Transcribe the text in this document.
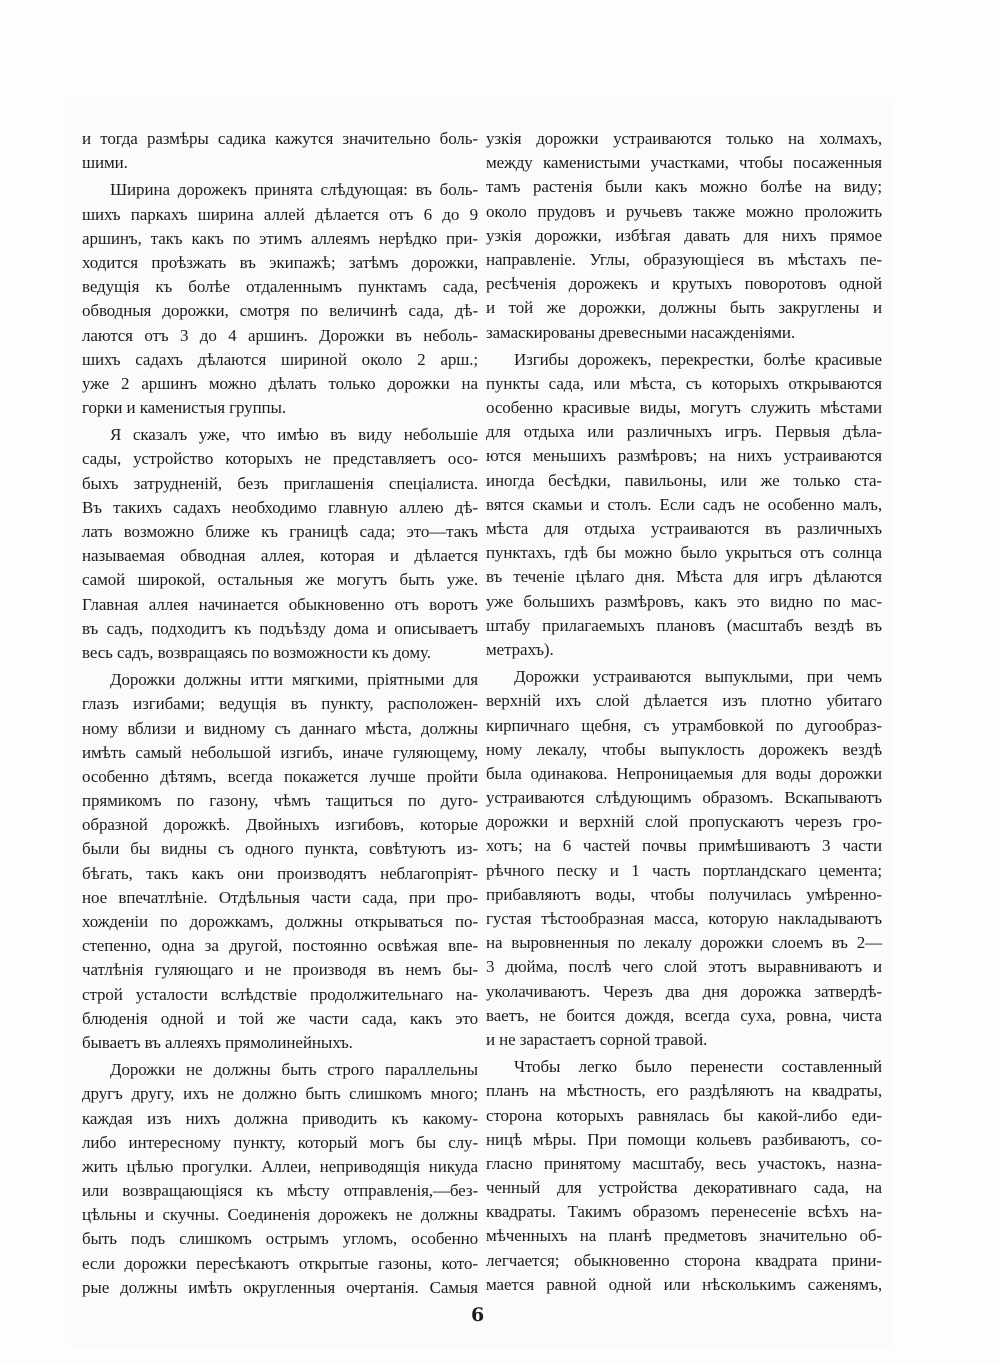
и тогда размѣры садика кажутся значительно боль-
шими.
Ширина дорожекъ принята слѣдующая: въ боль-
шихъ паркахъ ширина аллей дѣлается отъ 6 до 9
аршинъ, такъ какъ по этимъ аллеямъ нерѣдко при-
ходится проѣзжать въ экипажѣ; затѣмъ дорожки,
ведущія къ болѣе отдаленнымъ пунктамъ сада,
обводныя дорожки, смотря по величинѣ сада, дѣ-
лаются отъ 3 до 4 аршинъ. Дорожки въ неболь-
шихъ садахъ дѣлаются шириной около 2 арш.;
уже 2 аршинъ можно дѣлать только дорожки на
горки и каменистыя группы.
Я сказалъ уже, что имѣю въ виду небольшіе
сады, устройство которыхъ не представляетъ осо-
быхъ затрудненій, безъ приглашенія спеціалиста.
Въ такихъ садахъ необходимо главную аллею дѣ-
лать возможно ближе къ границѣ сада; это—такъ
называемая обводная аллея, которая и дѣлается
самой широкой, остальныя же могутъ быть уже.
Главная аллея начинается обыкновенно отъ воротъ
въ садъ, подходитъ къ подъѣзду дома и описываетъ
весь садъ, возвращаясь по возможности къ дому.
Дорожки должны итти мягкими, пріятными для
глазъ изгибами; ведущія въ пункту, расположен-
ному вблизи и видному съ даннаго мѣста, должны
имѣть самый небольшой изгибъ, иначе гуляющему,
особенно дѣтямъ, всегда покажется лучше пройти
прямикомъ по газону, чѣмъ тащиться по дуго-
образной дорожкѣ. Двойныхъ изгибовъ, которые
были бы видны съ одного пункта, совѣтуютъ из-
бѣгать, такъ какъ они производятъ неблагопріят-
ное впечатлѣніе. Отдѣльныя части сада, при про-
хожденіи по дорожкамъ, должны открываться по-
степенно, одна за другой, постоянно освѣжая впе-
чатлѣнія гуляющаго и не производя въ немъ бы-
строй усталости вслѣдствіе продолжительнаго на-
блюденія одной и той же части сада, какъ это
бываетъ въ аллеяхъ прямолинейныхъ.
Дорожки не должны быть строго параллельны
другъ другу, ихъ не должно быть слишкомъ много;
каждая изъ нихъ должна приводить къ какому-
либо интересному пункту, который могъ бы слу-
жить цѣлью прогулки. Аллеи, неприводящія никуда
или возвращающіяся къ мѣсту отправленія,—без-
цѣльны и скучны. Соединенія дорожекъ не должны
быть подъ слишкомъ острымъ угломъ, особенно
если дорожки пересѣкаютъ открытые газоны, кото-
рые должны имѣть округленныя очертанія. Самыя
узкія дорожки устраиваются только на холмахъ,
между каменистыми участками, чтобы посаженныя
тамъ растенія были какъ можно болѣе на виду;
около прудовъ и ручьевъ также можно проложить
узкія дорожки, избѣгая давать для нихъ прямое
направленіе. Углы, образующіеся въ мѣстахъ пе-
ресѣченія дорожекъ и крутыхъ поворотовъ одной
и той же дорожки, должны быть закруглены и
замаскированы древесными насажденіями.
Изгибы дорожекъ, перекрестки, болѣе красивые
пункты сада, или мѣста, съ которыхъ открываются
особенно красивые виды, могутъ служить мѣстами
для отдыха или различныхъ игръ. Первыя дѣла-
ются меньшихъ размѣровъ; на нихъ устраиваются
иногда бесѣдки, павильоны, или же только ста-
вятся скамьи и столъ. Если садъ не особенно малъ,
мѣста для отдыха устраиваются въ различныхъ
пунктахъ, гдѣ бы можно было укрыться отъ солнца
въ теченіе цѣлаго дня. Мѣста для игръ дѣлаются
уже большихъ размѣровъ, какъ это видно по мас-
штабу прилагаемыхъ плановъ (масштабъ вездѣ въ
метрахъ).
Дорожки устраиваются выпуклыми, при чемъ
верхній ихъ слой дѣлается изъ плотно убитаго
кирпичнаго щебня, съ утрамбовкой по дугообраз-
ному лекалу, чтобы выпуклость дорожекъ вездѣ
была одинакова. Непроницаемыя для воды дорожки
устраиваются слѣдующимъ образомъ. Вскапываютъ
дорожки и верхній слой пропускаютъ черезъ гро-
хотъ; на 6 частей почвы примѣшиваютъ 3 части
рѣчного песку и 1 часть портландскаго цемента;
прибавляютъ воды, чтобы получилась умѣренно-
густая тѣстообразная масса, которую накладываютъ
на выровненныя по лекалу дорожки слоемъ въ 2—
3 дюйма, послѣ чего слой этотъ выравниваютъ и
уколачиваютъ. Черезъ два дня дорожка затвердѣ-
ваетъ, не боится дождя, всегда суха, ровна, чиста
и не зарастаетъ сорной травой.
Чтобы легко было перенести составленный
планъ на мѣстность, его раздѣляютъ на квадраты,
сторона которыхъ равнялась бы какой-либо еди-
ницѣ мѣры. При помощи кольевъ разбиваютъ, со-
гласно принятому масштабу, весь участокъ, назна-
ченный для устройства декоративнаго сада, на
квадраты. Такимъ образомъ перенесеніе всѣхъ на-
мѣченныхъ на планѣ предметовъ значительно об-
легчается; обыкновенно сторона квадрата прини-
мается равной одной или нѣсколькимъ саженямъ,
6
